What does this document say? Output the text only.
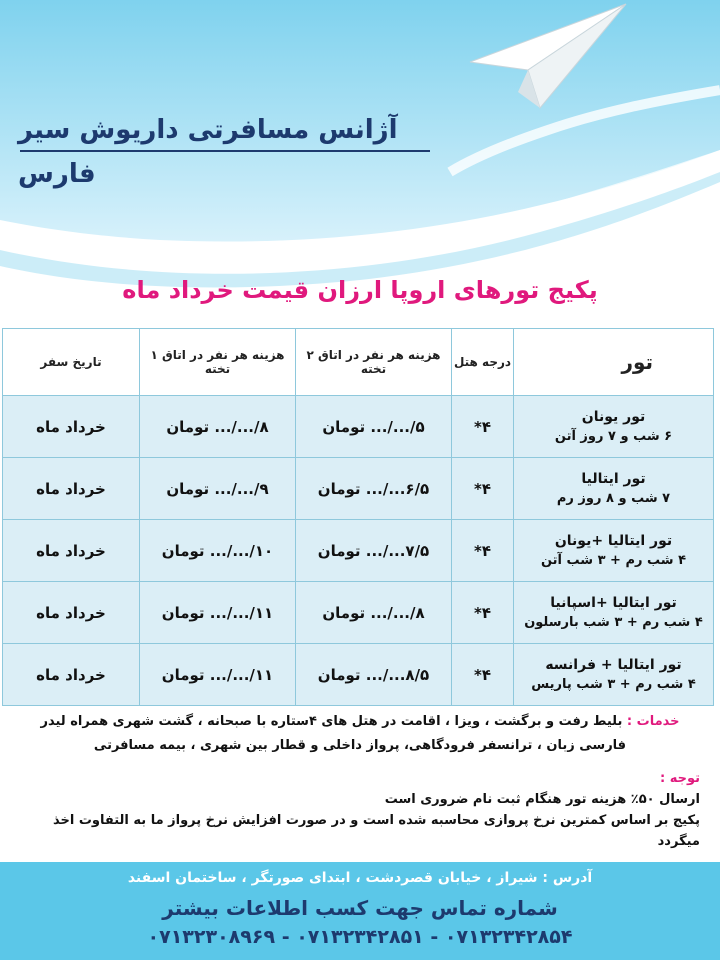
آژانس مسافرتی داریوش سیر فارس
پکیج تورهای اروپا ارزان قیمت خرداد ماه
تور	درجه هتل	هزینه هر نفر در اتاق ۲ تخته	هزینه هر نفر در اتاق ۱ تخته	تاریخ سفر

تور یونان
۶ شب و ۷ روز آتن	۴*	۵/.../... تومان	۸/.../... تومان	خرداد ماه

تور ایتالیا
۷ شب و ۸ روز رم	۴*	۶/۵.../... تومان	۹/.../... تومان	خرداد ماه

تور ایتالیا +یونان
۴ شب رم + ۳ شب آتن	۴*	۷/۵.../... تومان	۱۰/.../... تومان	خرداد ماه

تور ایتالیا +اسپانیا
۴ شب رم + ۳ شب بارسلون	۴*	۸/.../... تومان	۱۱/.../... تومان	خرداد ماه

تور ایتالیا + فرانسه
۴ شب رم + ۳ شب پاریس	۴*	۸/۵.../... تومان	۱۱/.../... تومان	خرداد ماه
خدمات : بلیط رفت و برگشت ، ویزا ، اقامت در هتل های ۴ستاره با صبحانه ، گشت شهری همراه لیدر فارسی زبان ، ترانسفر فرودگاهی، پرواز داخلی و قطار بین شهری ، بیمه مسافرتی
توجه :
ارسال ۵۰٪ هزینه تور هنگام ثبت نام ضروری است
پکیج بر اساس کمترین نرخ پروازی محاسبه شده است و در صورت افزایش نرخ پرواز ما به التفاوت اخذ میگردد
آدرس : شیراز ، خیابان قصردشت ، ابتدای صورتگر ، ساختمان اسفند
شماره تماس جهت کسب اطلاعات بیشتر
۰۷۱۳۲۳۴۲۸۵۴ - ۰۷۱۳۲۳۴۲۸۵۱ - ۰۷۱۳۲۳۰۸۹۶۹
